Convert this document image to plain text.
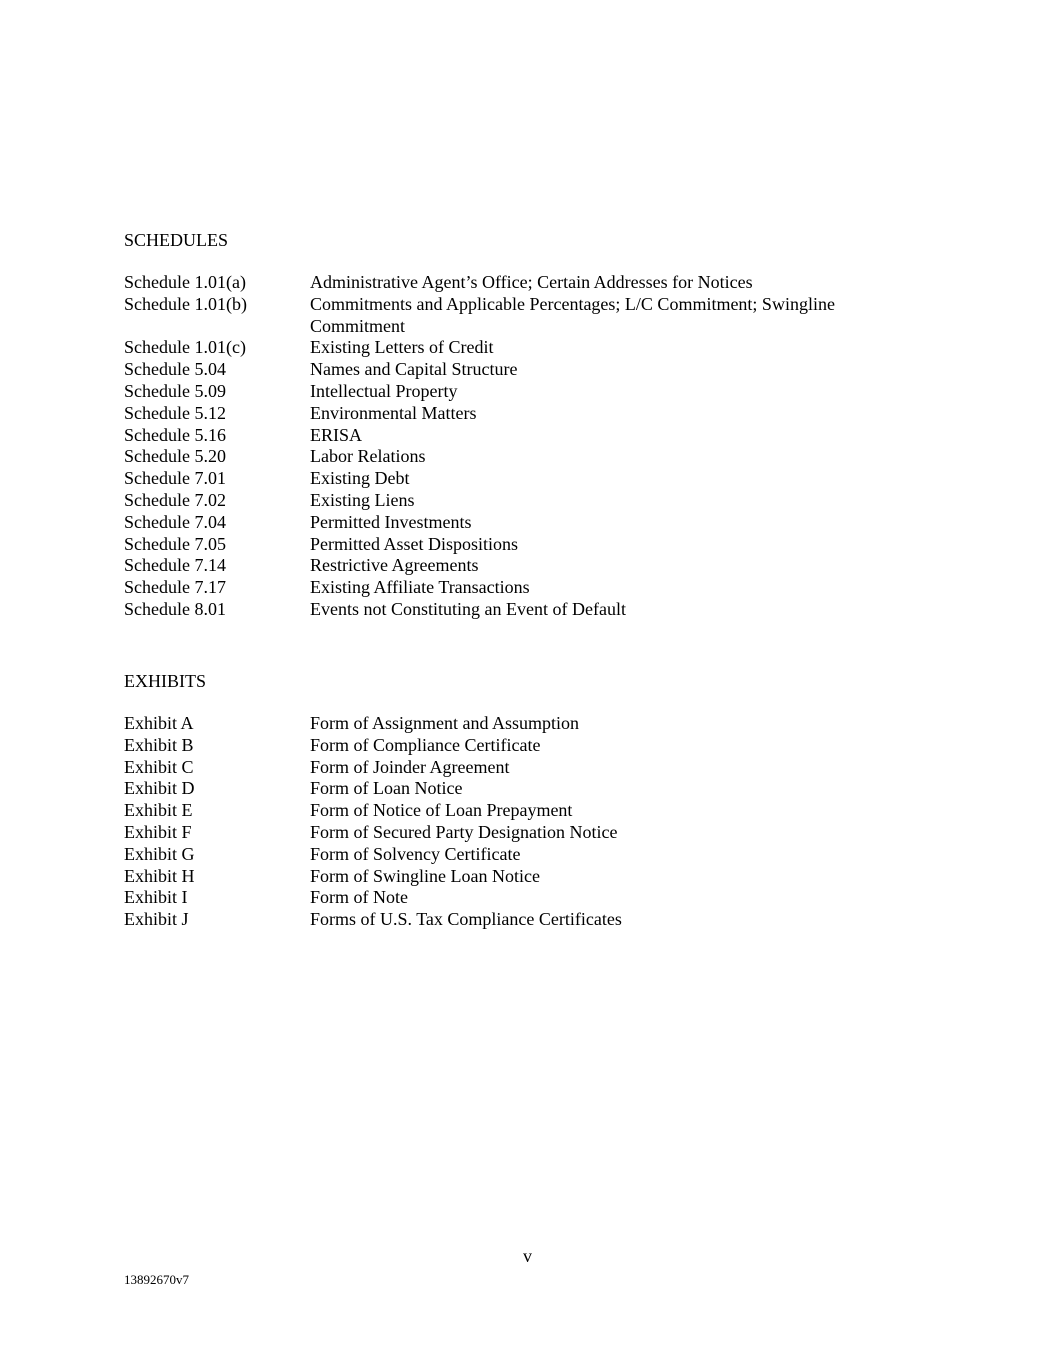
SCHEDULES
Schedule 1.01(a)	Administrative Agent’s Office; Certain Addresses for Notices
Schedule 1.01(b)	Commitments and Applicable Percentages; L/C Commitment; Swingline Commitment
Schedule 1.01(c)	Existing Letters of Credit
Schedule 5.04	Names and Capital Structure
Schedule 5.09	Intellectual Property
Schedule 5.12	Environmental Matters
Schedule 5.16	ERISA
Schedule 5.20	Labor Relations
Schedule 7.01	Existing Debt
Schedule 7.02	Existing Liens
Schedule 7.04	Permitted Investments
Schedule 7.05	Permitted Asset Dispositions
Schedule 7.14	Restrictive Agreements
Schedule 7.17	Existing Affiliate Transactions
Schedule 8.01	Events not Constituting an Event of Default
EXHIBITS
Exhibit A	Form of Assignment and Assumption
Exhibit B	Form of Compliance Certificate
Exhibit C	Form of Joinder Agreement
Exhibit D	Form of Loan Notice
Exhibit E	Form of Notice of Loan Prepayment
Exhibit F	Form of Secured Party Designation Notice
Exhibit G	Form of Solvency Certificate
Exhibit H	Form of Swingline Loan Notice
Exhibit I	Form of Note
Exhibit J	Forms of U.S. Tax Compliance Certificates
v
13892670v7
